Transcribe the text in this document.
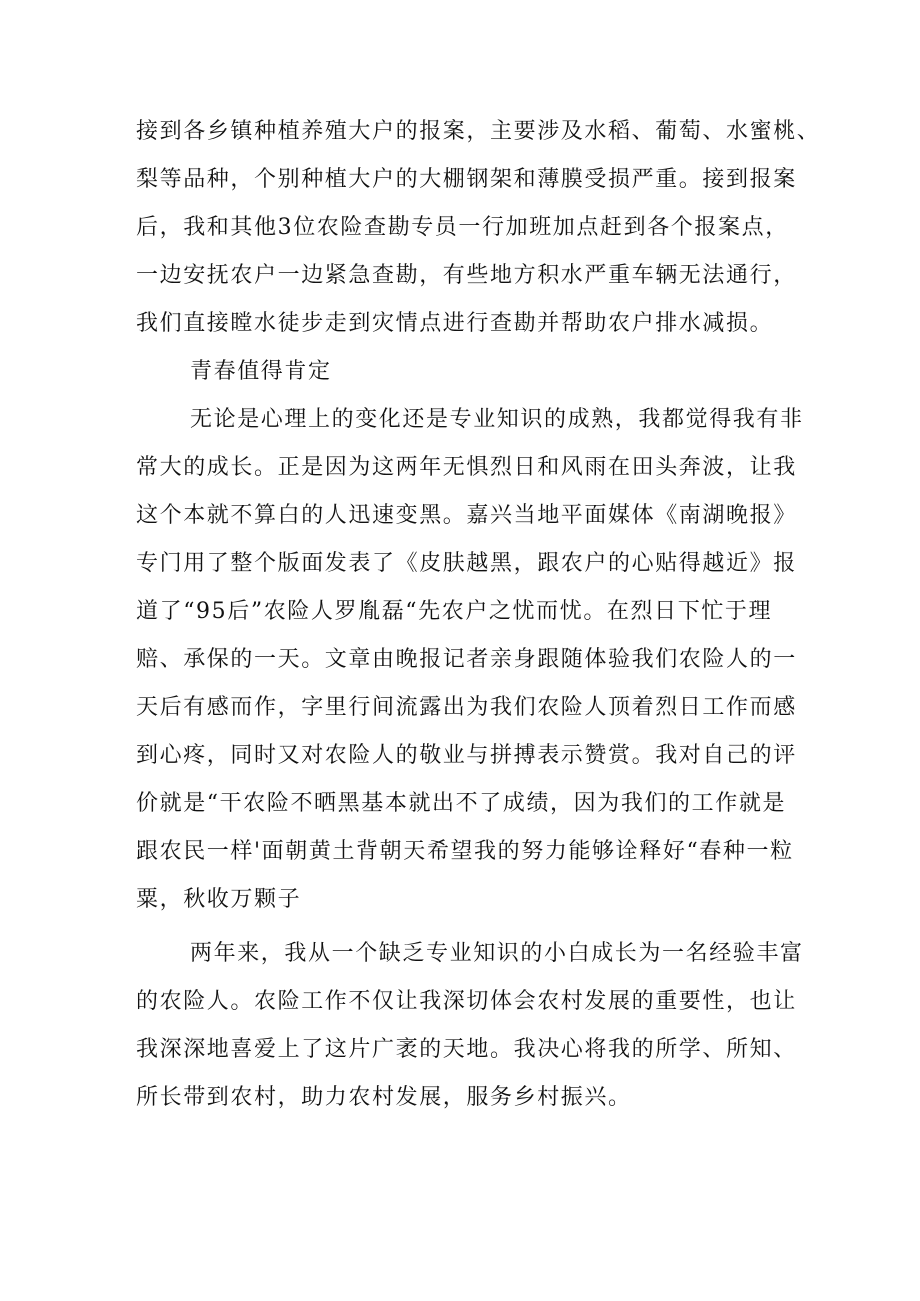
接到各乡镇种植养殖大户的报案，主要涉及水稻、葡萄、水蜜桃、
梨等品种，个别种植大户的大棚钢架和薄膜受损严重。接到报案
后，我和其他3位农险查勘专员一行加班加点赶到各个报案点，
一边安抚农户一边紧急查勘，有些地方积水严重车辆无法通行，
我们直接瞠水徒步走到灾情点进行查勘并帮助农户排水减损。
青春值得肯定
无论是心理上的变化还是专业知识的成熟，我都觉得我有非
常大的成长。正是因为这两年无惧烈日和风雨在田头奔波，让我
这个本就不算白的人迅速变黑。嘉兴当地平面媒体《南湖晚报》
专门用了整个版面发表了《皮肤越黑，跟农户的心贴得越近》报
道了“95后”农险人罗胤磊“先农户之忧而忧。在烈日下忙于理
赔、承保的一天。文章由晚报记者亲身跟随体验我们农险人的一
天后有感而作，字里行间流露出为我们农险人顶着烈日工作而感
到心疼，同时又对农险人的敬业与拼搏表示赞赏。我对自己的评
价就是“干农险不晒黑基本就出不了成绩，因为我们的工作就是
跟农民一样'面朝黄土背朝天希望我的努力能够诠释好“春种一粒
粟，秋收万颗子
两年来，我从一个缺乏专业知识的小白成长为一名经验丰富
的农险人。农险工作不仅让我深切体会农村发展的重要性，也让
我深深地喜爱上了这片广袤的天地。我决心将我的所学、所知、
所长带到农村，助力农村发展，服务乡村振兴。
